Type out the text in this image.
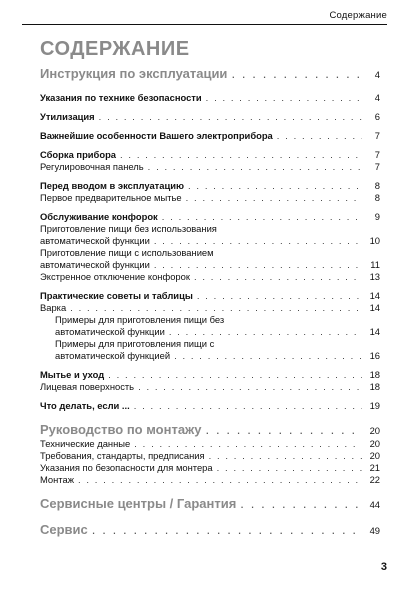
Содержание
СОДЕРЖАНИЕ
Инструкция по эксплуатации . . .	4
Указания по технике безопасности . . .	4
Утилизация . . .	6
Важнейшие особенности Вашего электроприбора . . .	7
Сборка прибора . . .	7
Регулировочная панель . . .	7
Перед вводом в эксплуатацию . . .	8
Первое предварительное мытье . . .	8
Обслуживание конфорок . . .	9
Приготовление пищи без использования
автоматической функции . . .	10
Приготовление пищи с использованием
автоматической функции . . .	11
Экстренное отключение конфорок . . .	13
Практические советы и таблицы . . .	14
Варка . . .	14
Примеры для приготовления пищи без
автоматической функции . . .	14
Примеры для приготовления пищи с
автоматической функцией . . .	16
Мытье и уход . . .	18
Лицевая поверхность . . .	18
Что делать, если ... . . .	19
Руководство по монтажу . . .	20
Технические данные . . .	20
Требования, стандарты, предписания . . .	20
Указания по безопасности для монтера . . .	21
Монтаж . . .	22
Сервисные центры / Гарантия . . .	44
Сервис . . .	49
3
